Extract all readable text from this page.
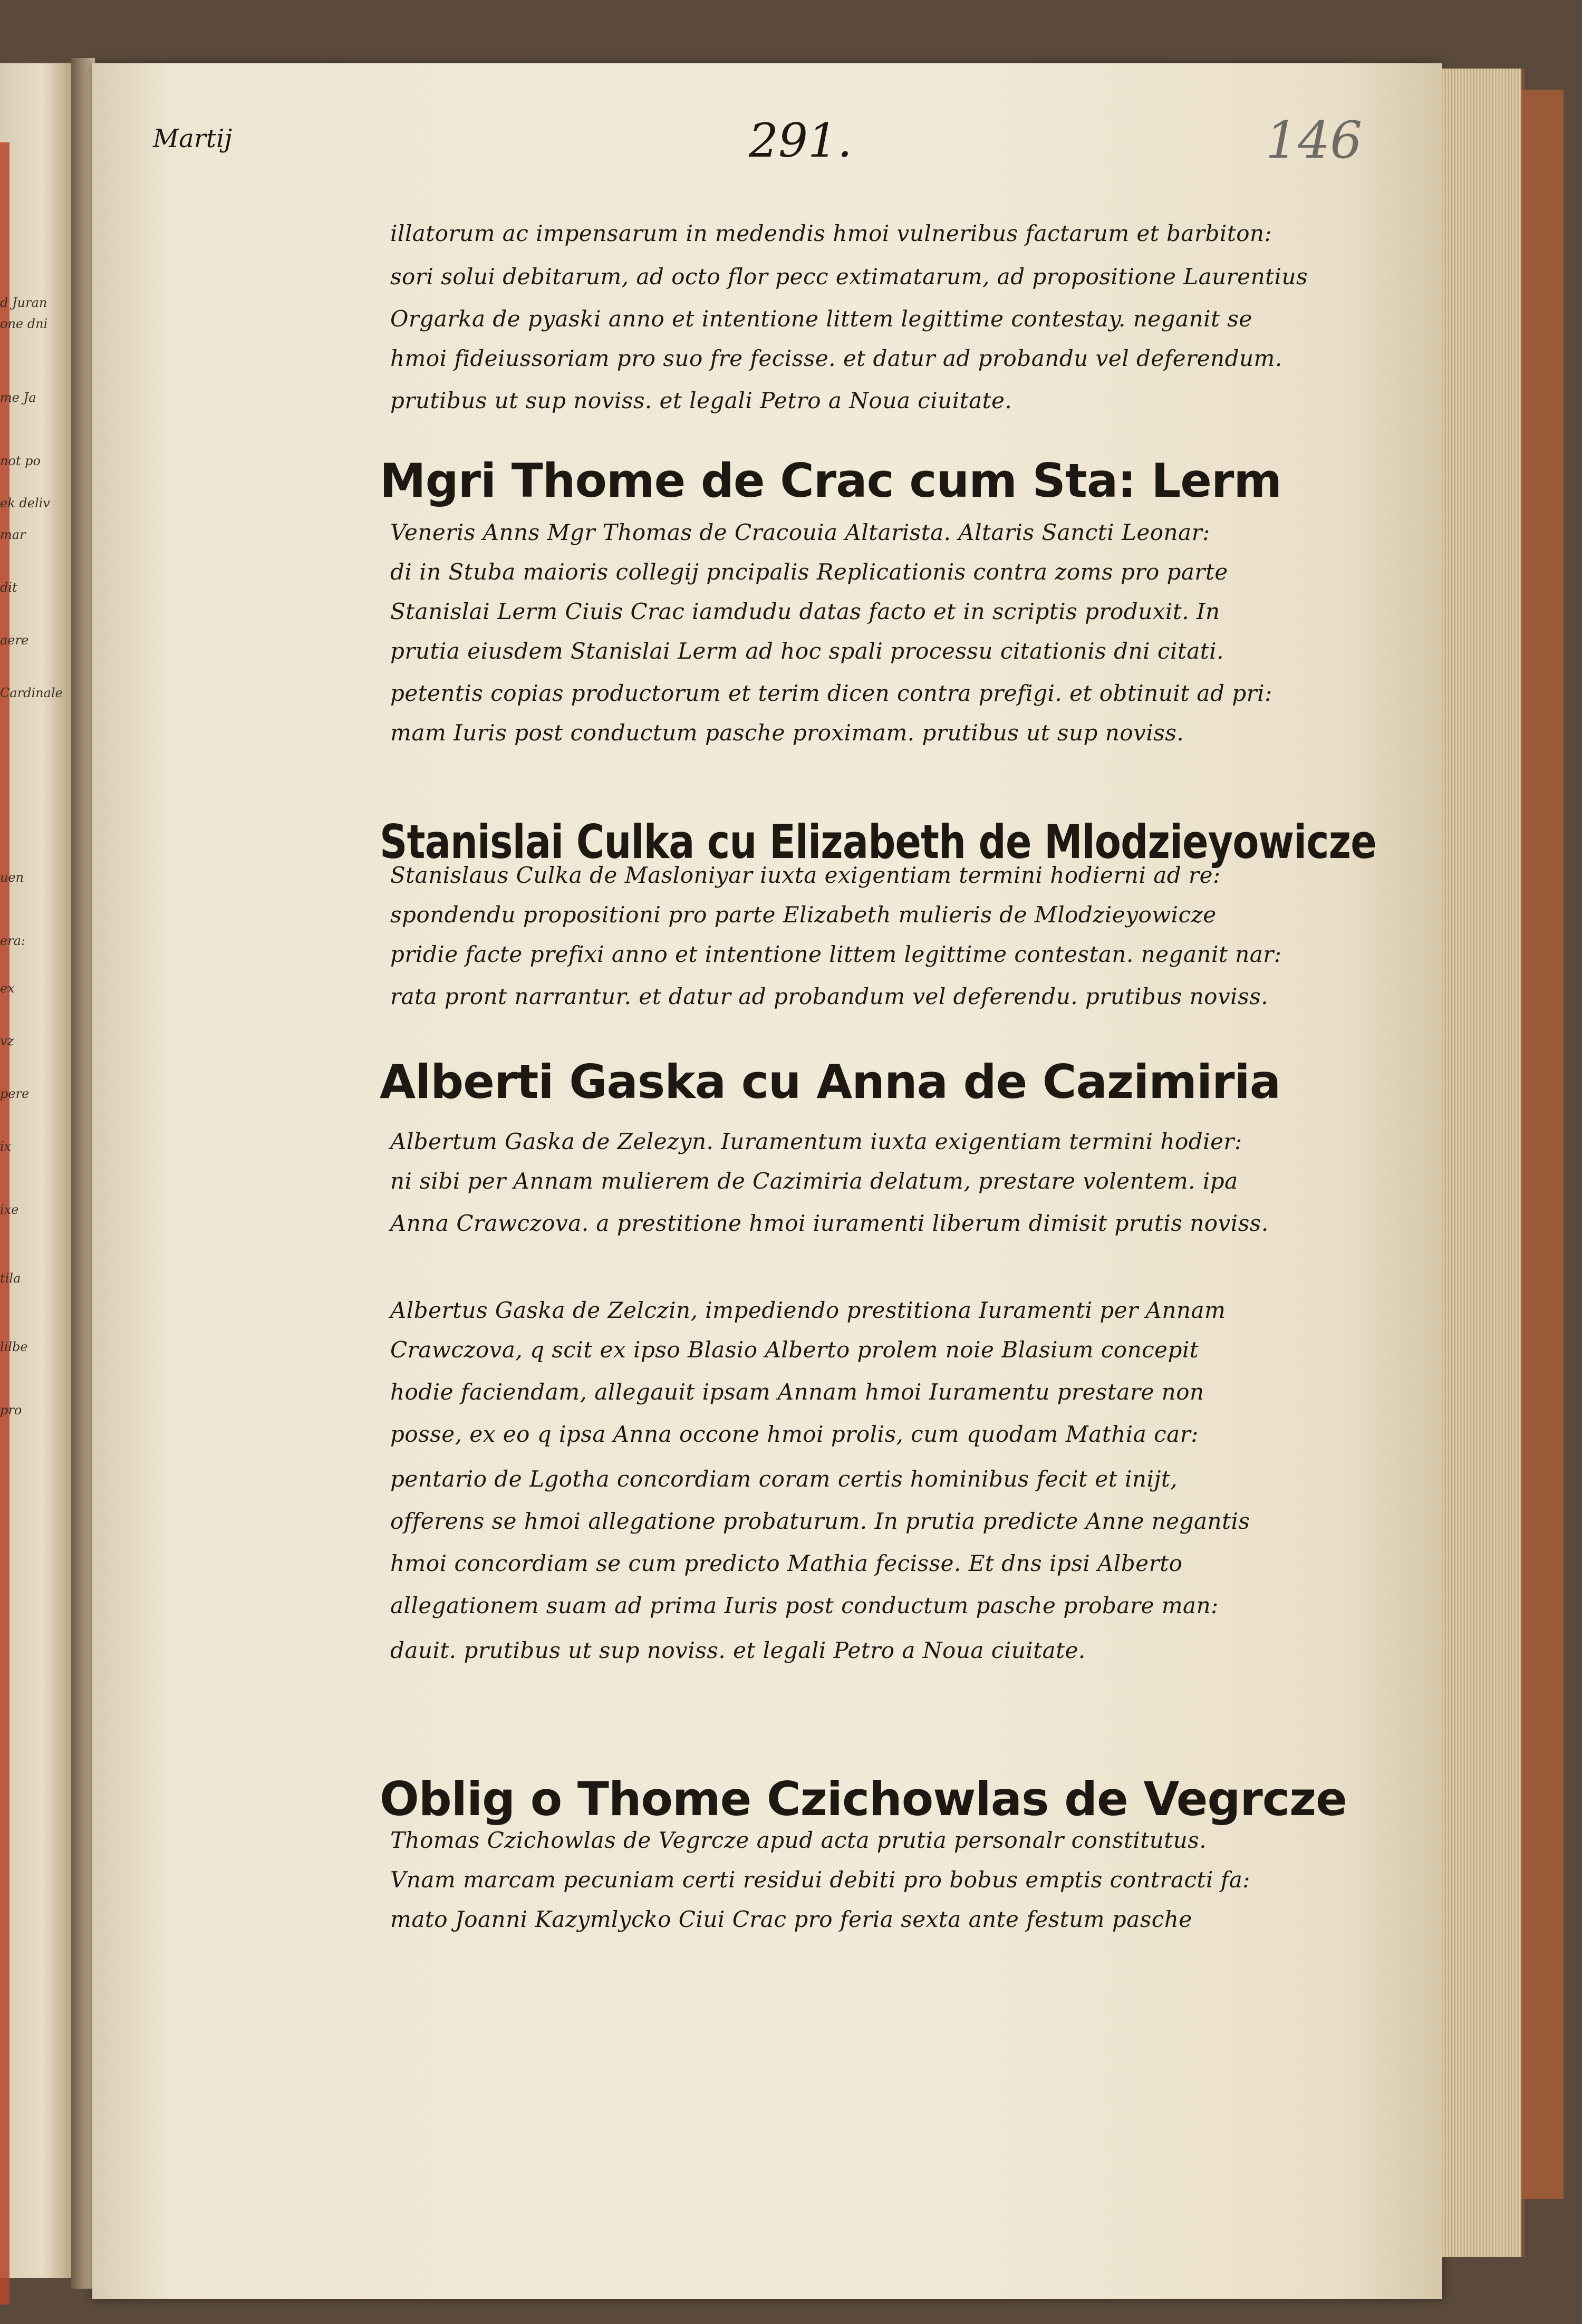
d Juran
one dni
me Ja
not po
ek deliv
mar
dit
aere
Cardinale
uen
era:
ex
vz
pere
ix
ixe
tila
lilbe
pro
Martij	291.	146
illatorum ac impensarum in medendis hmoi vulneribus factarum et barbiton:
sori solui debitarum, ad octo flor pecc extimatarum, ad propositione Laurentius
Orgarka de pyaski anno et intentione littem legittime contestay. neganit se
hmoi fideiussoriam pro suo fre fecisse. et datur ad probandu vel deferendum.
prutibus ut sup noviss. et legali Petro a Noua ciuitate.
Mgri Thome de Crac cum Sta: Lerm
Veneris Anns Mgr Thomas de Cracouia Altarista. Altaris Sancti Leonar:
di in Stuba maioris collegij pncipalis Replicationis contra zoms pro parte
Stanislai Lerm Ciuis Crac iamdudu datas facto et in scriptis produxit. In
prutia eiusdem Stanislai Lerm ad hoc spali processu citationis dni citati.
petentis copias productorum et terim dicen contra prefigi. et obtinuit ad pri:
mam Iuris post conductum pasche proximam. prutibus ut sup noviss.
Stanislai Culka cu Elizabeth de Mlodzieyowicze
Stanislaus Culka de Masloniyar iuxta exigentiam termini hodierni ad re:
spondendu propositioni pro parte Elizabeth mulieris de Mlodzieyowicze
pridie facte prefixi anno et intentione littem legittime contestan. neganit nar:
rata pront narrantur. et datur ad probandum vel deferendu. prutibus noviss.
Alberti Gaska cu Anna de Cazimiria
Albertum Gaska de Zelezyn. Iuramentum iuxta exigentiam termini hodier:
ni sibi per Annam mulierem de Cazimiria delatum, prestare volentem. ipa
Anna Crawczova. a prestitione hmoi iuramenti liberum dimisit prutis noviss.
Albertus Gaska de Zelczin, impediendo prestitiona Iuramenti per Annam
Crawczova, q scit ex ipso Blasio Alberto prolem noie Blasium concepit
hodie faciendam, allegauit ipsam Annam hmoi Iuramentu prestare non
posse, ex eo q ipsa Anna occone hmoi prolis, cum quodam Mathia car:
pentario de Lgotha concordiam coram certis hominibus fecit et inijt,
offerens se hmoi allegatione probaturum. In prutia predicte Anne negantis
hmoi concordiam se cum predicto Mathia fecisse. Et dns ipsi Alberto
allegationem suam ad prima Iuris post conductum pasche probare man:
dauit. prutibus ut sup noviss. et legali Petro a Noua ciuitate.
Oblig o Thome Czichowlas de Vegrcze
Thomas Czichowlas de Vegrcze apud acta prutia personalr constitutus.
Vnam marcam pecuniam certi residui debiti pro bobus emptis contracti fa:
mato Joanni Kazymlycko Ciui Crac pro feria sexta ante festum pasche
